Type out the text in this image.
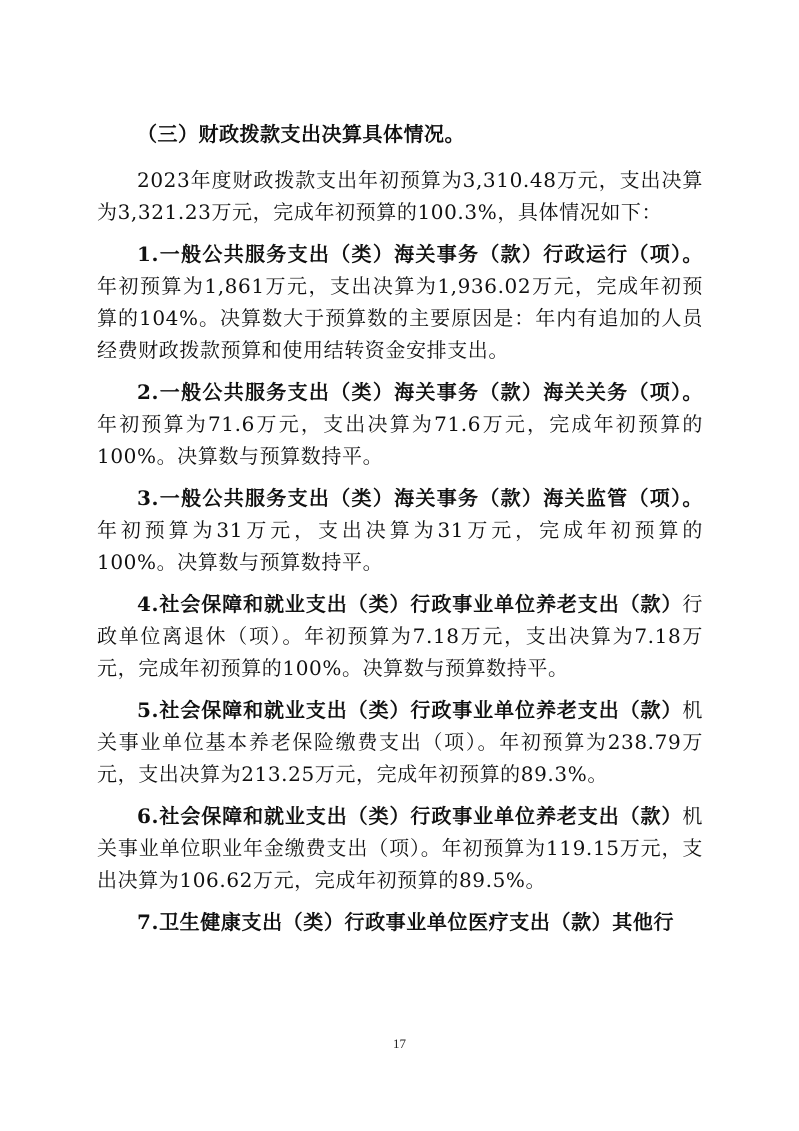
（三）财政拨款支出决算具体情况。

2023年度财政拨款支出年初预算为3,310.48万元，支出决算为3,321.23万元，完成年初预算的100.3%，具体情况如下：

1.一般公共服务支出（类）海关事务（款）行政运行（项）。年初预算为1,861万元，支出决算为1,936.02万元，完成年初预算的104%。决算数大于预算数的主要原因是：年内有追加的人员经费财政拨款预算和使用结转资金安排支出。

2.一般公共服务支出（类）海关事务（款）海关关务（项）。年初预算为71.6万元，支出决算为71.6万元，完成年初预算的100%。决算数与预算数持平。

3.一般公共服务支出（类）海关事务（款）海关监管（项）。年初预算为31万元，支出决算为31万元，完成年初预算的100%。决算数与预算数持平。

4.社会保障和就业支出（类）行政事业单位养老支出（款）行政单位离退休（项）。年初预算为7.18万元，支出决算为7.18万元，完成年初预算的100%。决算数与预算数持平。

5.社会保障和就业支出（类）行政事业单位养老支出（款）机关事业单位基本养老保险缴费支出（项）。年初预算为238.79万元，支出决算为213.25万元，完成年初预算的89.3%。

6.社会保障和就业支出（类）行政事业单位养老支出（款）机关事业单位职业年金缴费支出（项）。年初预算为119.15万元，支出决算为106.62万元，完成年初预算的89.5%。

7.卫生健康支出（类）行政事业单位医疗支出（款）其他行

17
